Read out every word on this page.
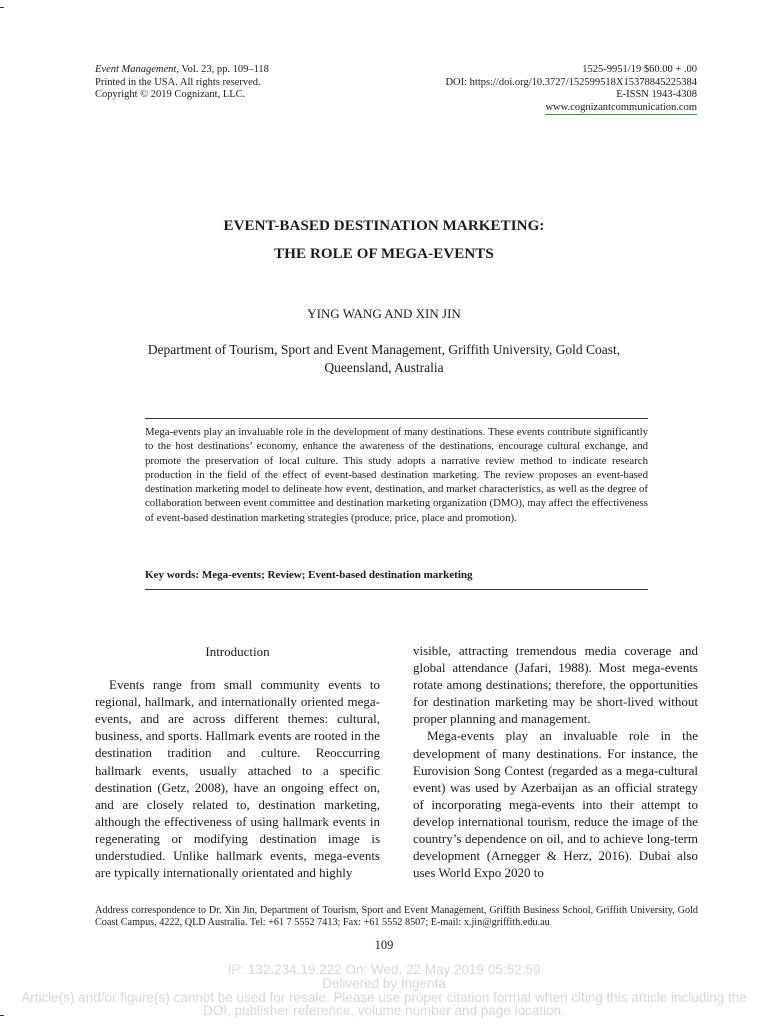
Event Management, Vol. 23, pp. 109–118
Printed in the USA. All rights reserved.
Copyright © 2019 Cognizant, LLC.
1525-9951/19 $60.00 + .00
DOI: https://doi.org/10.3727/152599518X15378845225384
E-ISSN 1943-4308
www.cognizantcommunication.com
EVENT-BASED DESTINATION MARKETING:
THE ROLE OF MEGA-EVENTS
YING WANG AND XIN JIN
Department of Tourism, Sport and Event Management, Griffith University, Gold Coast,
Queensland, Australia
Mega-events play an invaluable role in the development of many destinations. These events contribute significantly to the host destinations’ economy, enhance the awareness of the destinations, encourage cultural exchange, and promote the preservation of local culture. This study adopts a narrative review method to indicate research production in the field of the effect of event-based destination marketing. The review proposes an event-based destination marketing model to delineate how event, destination, and market characteristics, as well as the degree of collaboration between event committee and destination marketing organization (DMO), may affect the effectiveness of event-based destination marketing strategies (produce, price, place and promotion).
Key words: Mega-events; Review; Event-based destination marketing

Introduction

Events range from small community events to regional, hallmark, and internationally oriented mega-events, and are across different themes: cultural, business, and sports. Hallmark events are rooted in the destination tradition and culture. Reoccurring hallmark events, usually attached to a specific destination (Getz, 2008), have an ongoing effect on, and are closely related to, destination marketing, although the effectiveness of using hallmark events in regenerating or modifying destination image is understudied. Unlike hallmark events, mega-events are typically internationally orientated and highly

visible, attracting tremendous media coverage and global attendance (Jafari, 1988). Most mega-events rotate among destinations; therefore, the opportunities for destination marketing may be short-lived without proper planning and management.

Mega-events play an invaluable role in the development of many destinations. For instance, the Eurovision Song Contest (regarded as a mega-cultural event) was used by Azerbaijan as an official strategy of incorporating mega-events into their attempt to develop international tourism, reduce the image of the country’s dependence on oil, and to achieve long-term development (Arnegger & Herz, 2016). Dubai also uses World Expo 2020 to

Address correspondence to Dr. Xin Jin, Department of Tourism, Sport and Event Management, Griffith Business School, Griffith University, Gold Coast Campus, 4222, QLD Australia. Tel: +61 7 5552 7413; Fax: +61 5552 8507; E-mail: x.jin@griffith.edu.au
109
IP: 132.234.19.222 On: Wed, 22 May 2019 05:52:59
Delivered by Ingenta
Article(s) and/or figure(s) cannot be used for resale. Please use proper citation format when citing this article including the
DOI, publisher reference, volume number and page location.
